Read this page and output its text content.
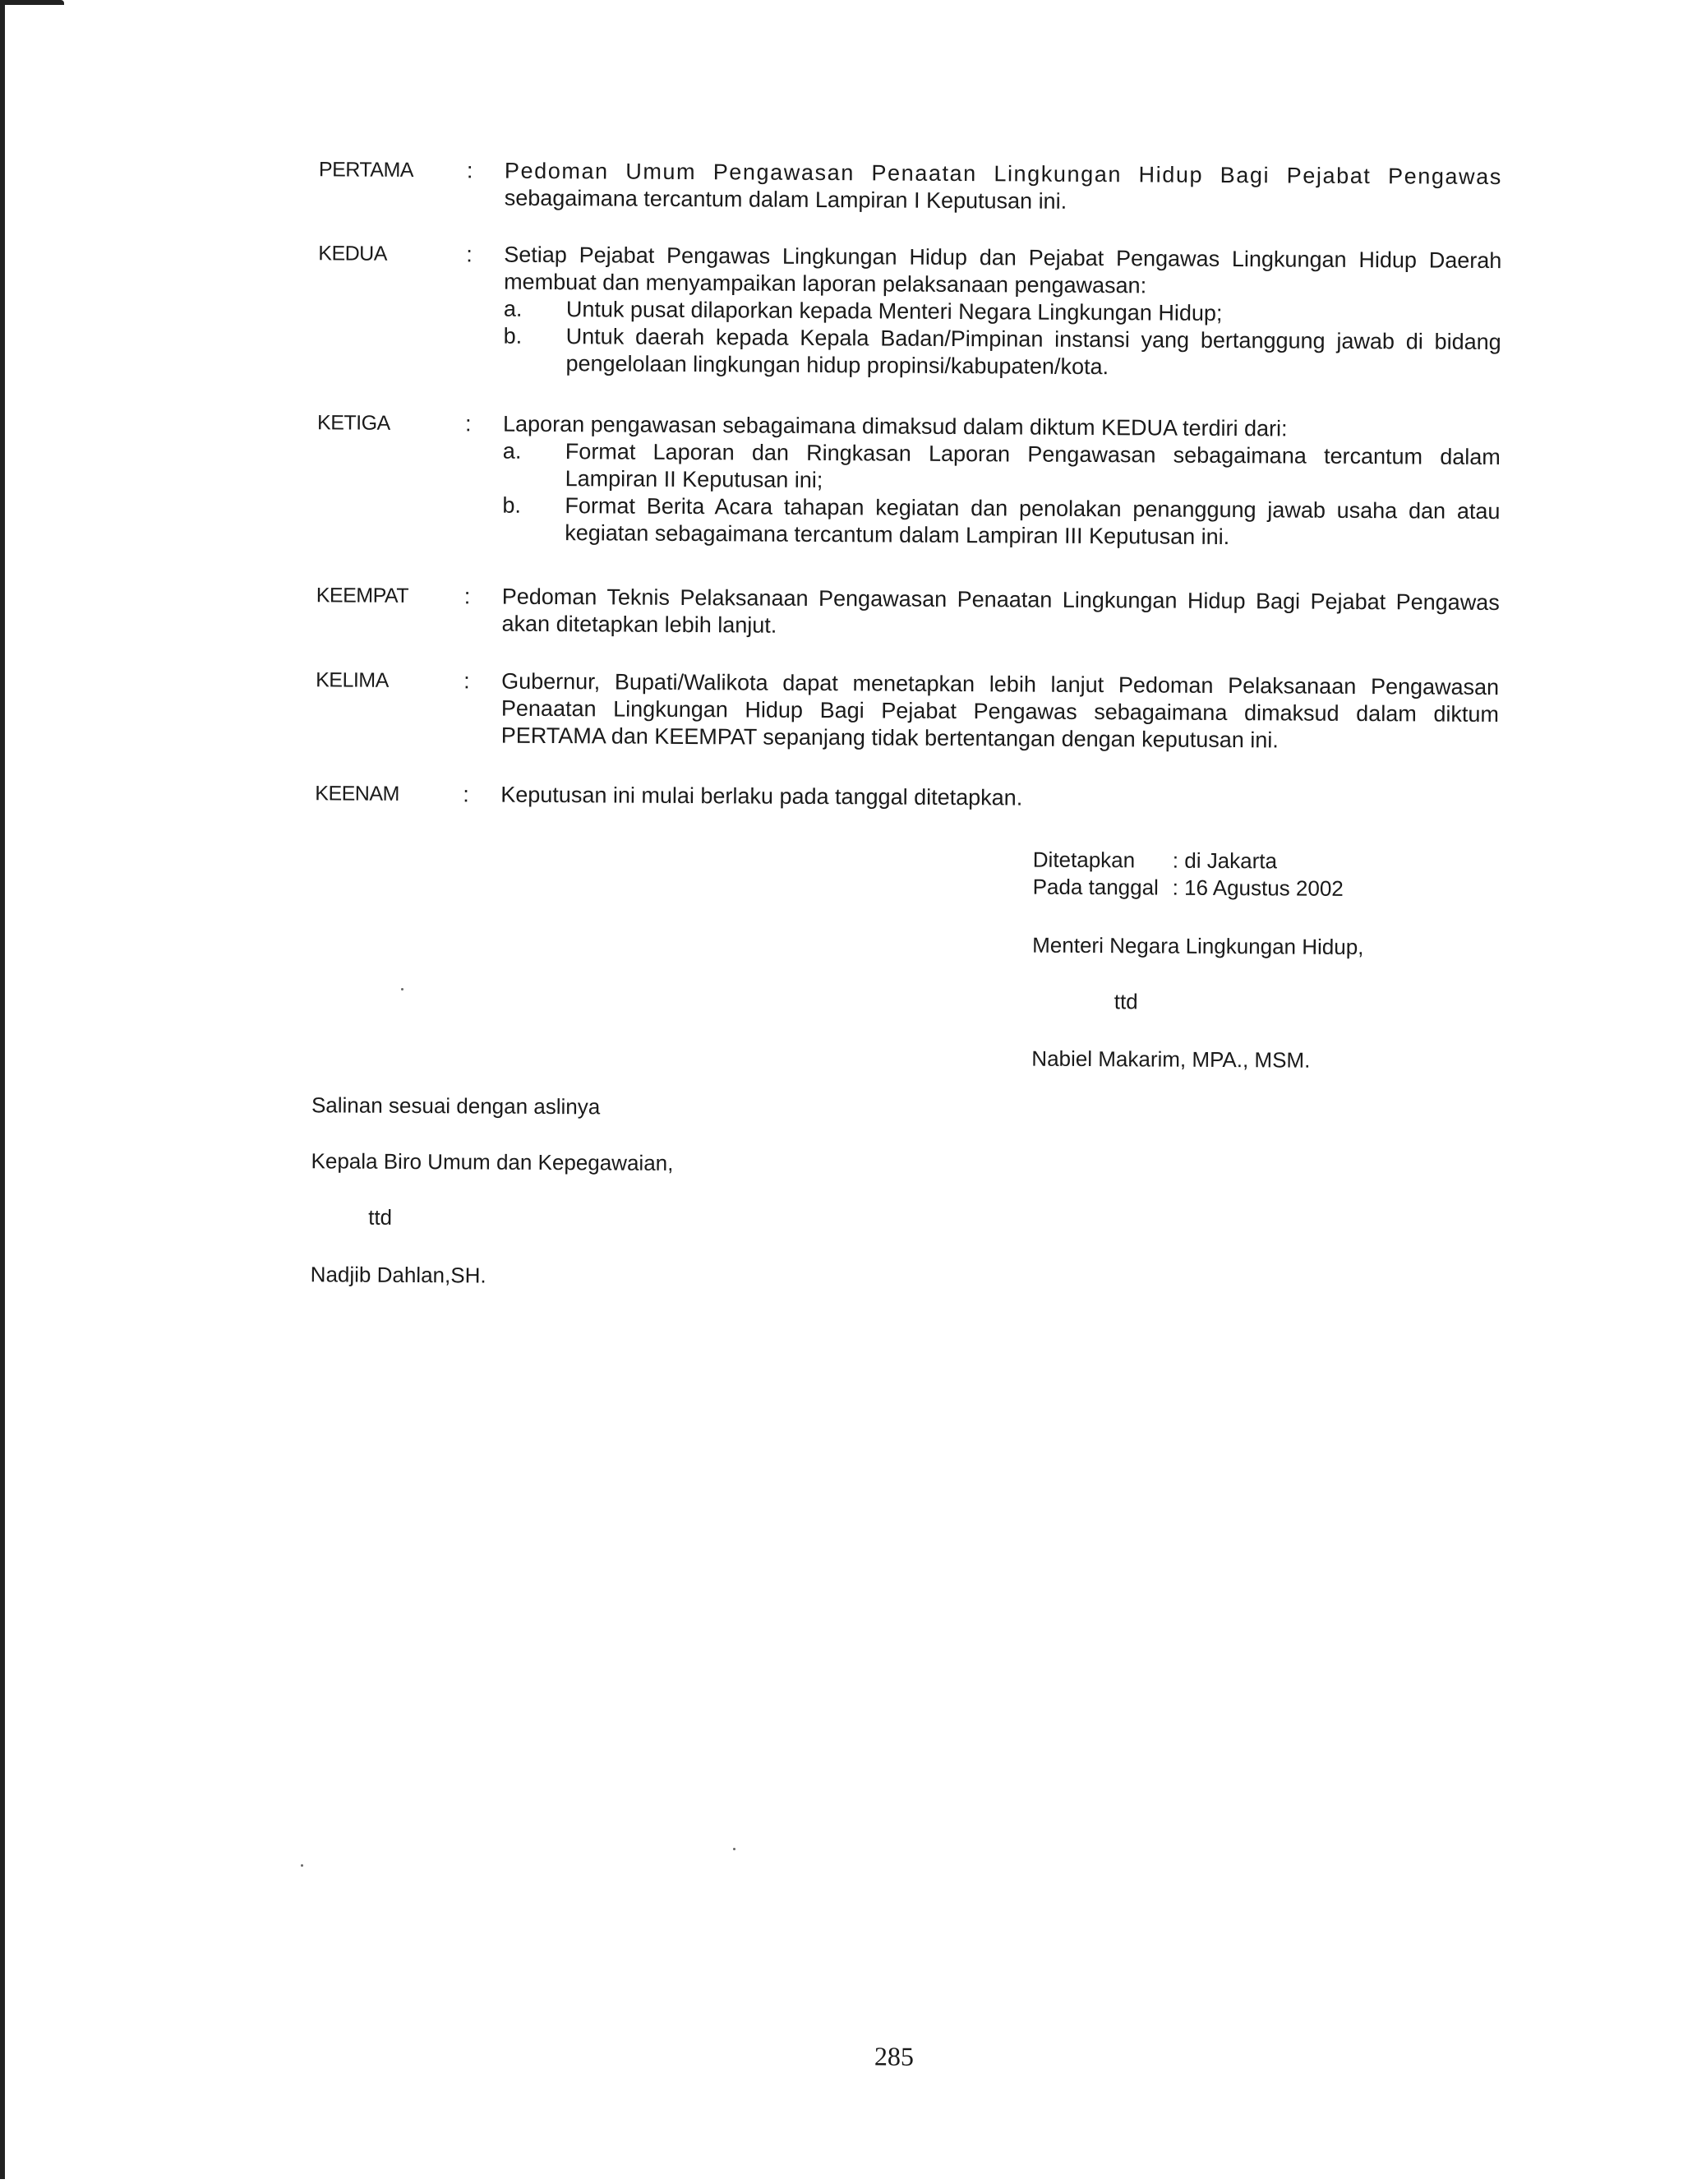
PERTAMA	: Pedoman Umum Pengawasan Penaatan Lingkungan Hidup Bagi Pejabat Pengawas

sebagaimana tercantum dalam Lampiran I Keputusan ini.

KEDUA	: Setiap Pejabat Pengawas Lingkungan Hidup dan Pejabat Pengawas Lingkungan Hidup Daerah

membuat dan menyampaikan laporan pelaksanaan pengawasan:

a. Untuk pusat dilaporkan kepada Menteri Negara Lingkungan Hidup;

b. Untuk daerah kepada Kepala Badan/Pimpinan instansi yang bertanggung jawab di bidang

pengelolaan lingkungan hidup propinsi/kabupaten/kota.

KETIGA	: Laporan pengawasan sebagaimana dimaksud dalam diktum KEDUA terdiri dari:

a. Format Laporan dan Ringkasan Laporan Pengawasan sebagaimana tercantum dalam

Lampiran II Keputusan ini;

b. Format Berita Acara tahapan kegiatan dan penolakan penanggung jawab usaha dan atau

kegiatan sebagaimana tercantum dalam Lampiran III Keputusan ini.

KEEMPAT	: Pedoman Teknis Pelaksanaan Pengawasan Penaatan Lingkungan Hidup Bagi Pejabat Pengawas

akan ditetapkan lebih lanjut.

KELIMA	: Gubernur, Bupati/Walikota dapat menetapkan lebih lanjut Pedoman Pelaksanaan Pengawasan

Penaatan Lingkungan Hidup Bagi Pejabat Pengawas sebagaimana dimaksud dalam diktum

PERTAMA dan KEEMPAT sepanjang tidak bertentangan dengan keputusan ini.

KEENAM	: Keputusan ini mulai berlaku pada tanggal ditetapkan.

Ditetapkan	: di Jakarta
Pada tanggal : 16 Agustus 2002
Menteri Negara Lingkungan Hidup,
ttd
Nabiel Makarim, MPA., MSM.
Salinan sesuai dengan aslinya
Kepala Biro Umum dan Kepegawaian,
ttd
Nadjib Dahlan,SH.
285
